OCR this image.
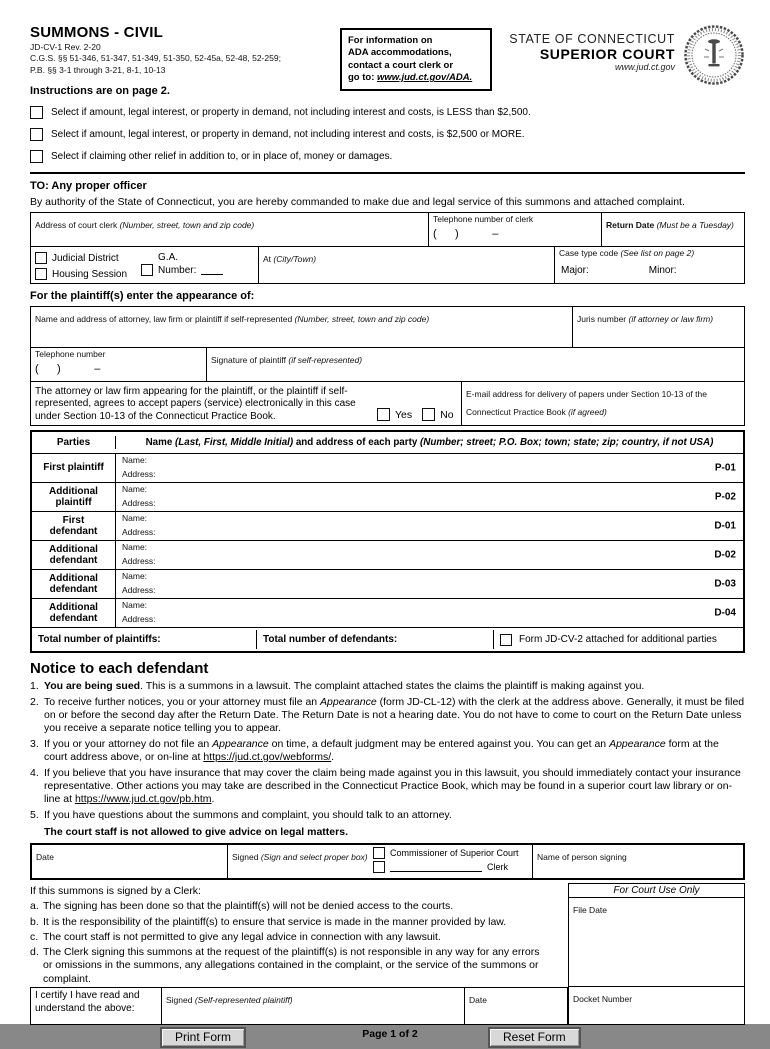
SUMMONS - CIVIL
JD-CV-1 Rev. 2-20
C.G.S. §§ 51-346, 51-347, 51-349, 51-350, 52-45a, 52-48, 52-259;
P.B. §§ 3-1 through 3-21, 8-1, 10-13
Instructions are on page 2.
For information on
ADA accommodations,
contact a court clerk or
go to: www.jud.ct.gov/ADA.
STATE OF CONNECTICUT
SUPERIOR COURT
www.jud.ct.gov
Select if amount, legal interest, or property in demand, not including interest and costs, is LESS than $2,500.
Select if amount, legal interest, or property in demand, not including interest and costs, is $2,500 or MORE.
Select if claiming other relief in addition to, or in place of, money or damages.
TO: Any proper officer
By authority of the State of Connecticut, you are hereby commanded to make due and legal service of this summons and attached complaint.
Address of court clerk (Number, street, town and zip code)
Telephone number of clerk
(      )           –
Return Date (Must be a Tuesday)
Judicial District
Housing Session
G.A.
Number:
At (City/Town)
Case type code (See list on page 2)
Major:	Minor:
For the plaintiff(s) enter the appearance of:
Name and address of attorney, law firm or plaintiff if self-represented (Number, street, town and zip code)	Juris number (if attorney or law firm)
Telephone number
(      )           –
Signature of plaintiff (if self-represented)
The attorney or law firm appearing for the plaintiff, or the plaintiff if self-represented, agrees to accept papers (service) electronically in this case under Section 10-13 of the Connecticut Practice Book.	Yes	No
E-mail address for delivery of papers under Section 10-13 of the Connecticut Practice Book (if agreed)
Parties	Name (Last, First, Middle Initial) and address of each party (Number; street; P.O. Box; town; state; zip; country, if not USA)
First plaintiff
Name:
Address:
P-01
Additional plaintiff
Name:
Address:
P-02
First defendant
Name:
Address:
D-01
Additional defendant
Name:
Address:
D-02
Additional defendant
Name:
Address:
D-03
Additional defendant
Name:
Address:
D-04
Total number of plaintiffs:	Total number of defendants:	Form JD-CV-2 attached for additional parties
Notice to each defendant
1. You are being sued. This is a summons in a lawsuit. The complaint attached states the claims the plaintiff is making against you.
2. To receive further notices, you or your attorney must file an Appearance (form JD-CL-12) with the clerk at the address above. Generally, it must be filed on or before the second day after the Return Date. The Return Date is not a hearing date. You do not have to come to court on the Return Date unless you receive a separate notice telling you to appear.
3. If you or your attorney do not file an Appearance on time, a default judgment may be entered against you. You can get an Appearance form at the court address above, or on-line at https://jud.ct.gov/webforms/.
4. If you believe that you have insurance that may cover the claim being made against you in this lawsuit, you should immediately contact your insurance representative. Other actions you may take are described in the Connecticut Practice Book, which may be found in a superior court law library or on-line at https://www.jud.ct.gov/pb.htm.
5. If you have questions about the summons and complaint, you should talk to an attorney.
The court staff is not allowed to give advice on legal matters.
Date	Signed (Sign and select proper box) Commissioner of Superior Court
Clerk
Name of person signing
If this summons is signed by a Clerk:
a. The signing has been done so that the plaintiff(s) will not be denied access to the courts.
b. It is the responsibility of the plaintiff(s) to ensure that service is made in the manner provided by law.
c. The court staff is not permitted to give any legal advice in connection with any lawsuit.
d. The Clerk signing this summons at the request of the plaintiff(s) is not responsible in any way for any errors or omissions in the summons, any allegations contained in the complaint, or the service of the summons or complaint.
I certify I have read and understand the above:
Signed (Self-represented plaintiff)	Date
For Court Use Only
File Date
Docket Number
Print Form	Page 1 of 2	Reset Form
